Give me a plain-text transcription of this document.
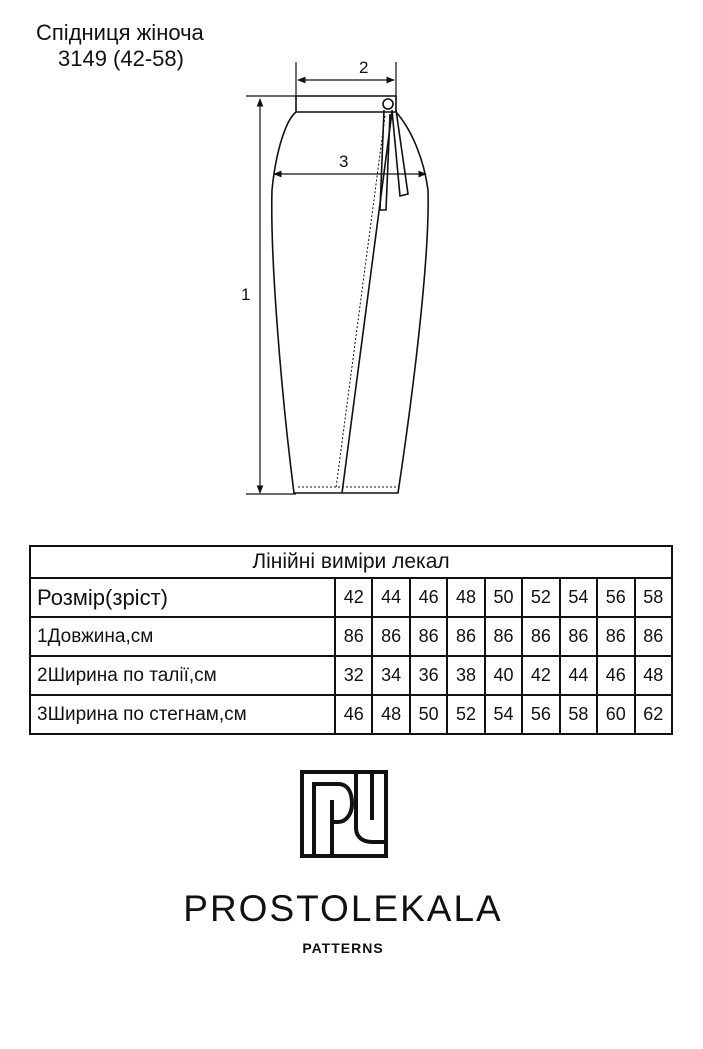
Спідниця жіноча
3149 (42-58)
1
2
3
Лінійні виміри лекал									
Розмір(зріст)	42	44	46	48	50	52	54	56	58
1Довжина,см	86	86	86	86	86	86	86	86	86
2Ширина по талії,см	32	34	36	38	40	42	44	46	48
3Ширина по стегнам,см	46	48	50	52	54	56	58	60	62
PROSTOLEKALA
PATTERNS
